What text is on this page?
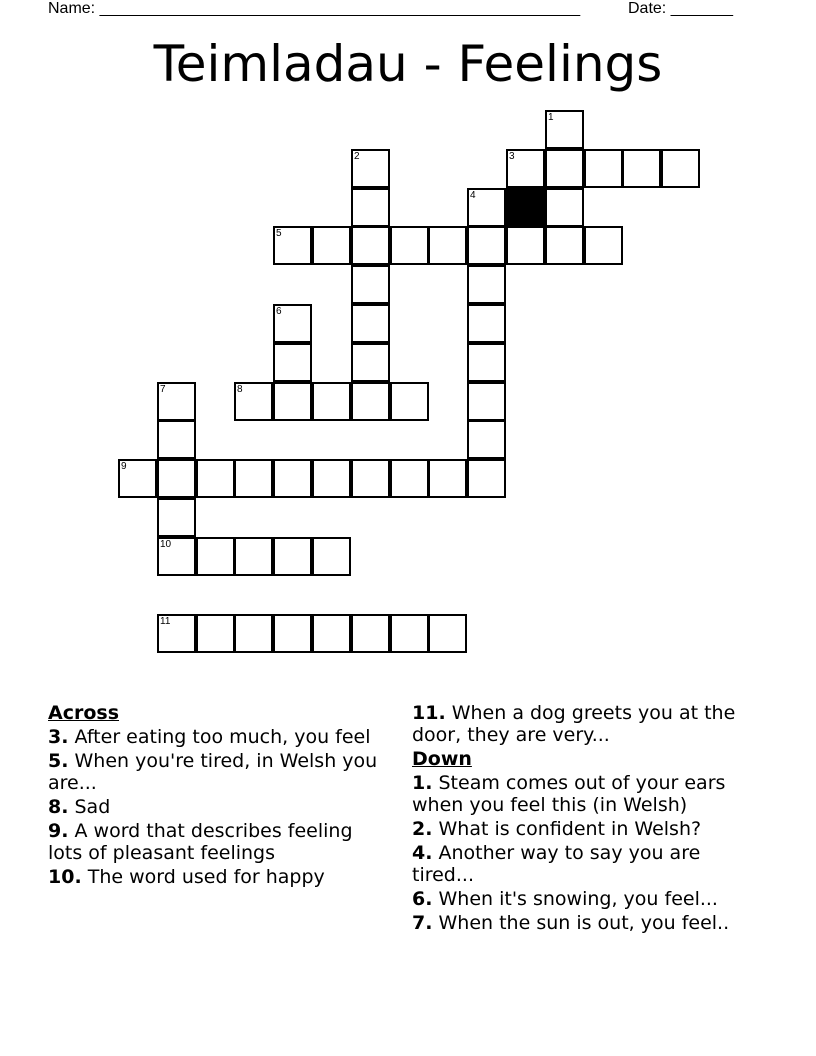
Name: ______________________________________________________	Date: _______
Teimladau - Feelings
1
2	3
4
5
6
7	8
9
10
11
Across
3. After eating too much, you feel
5. When you're tired, in Welsh you are...
8. Sad
9. A word that describes feeling lots of pleasant feelings
10. The word used for happy
11. When a dog greets you at the door, they are very...
Down
1. Steam comes out of your ears when you feel this (in Welsh)
2. What is confident in Welsh?
4. Another way to say you are tired...
6. When it's snowing, you feel...
7. When the sun is out, you feel..
